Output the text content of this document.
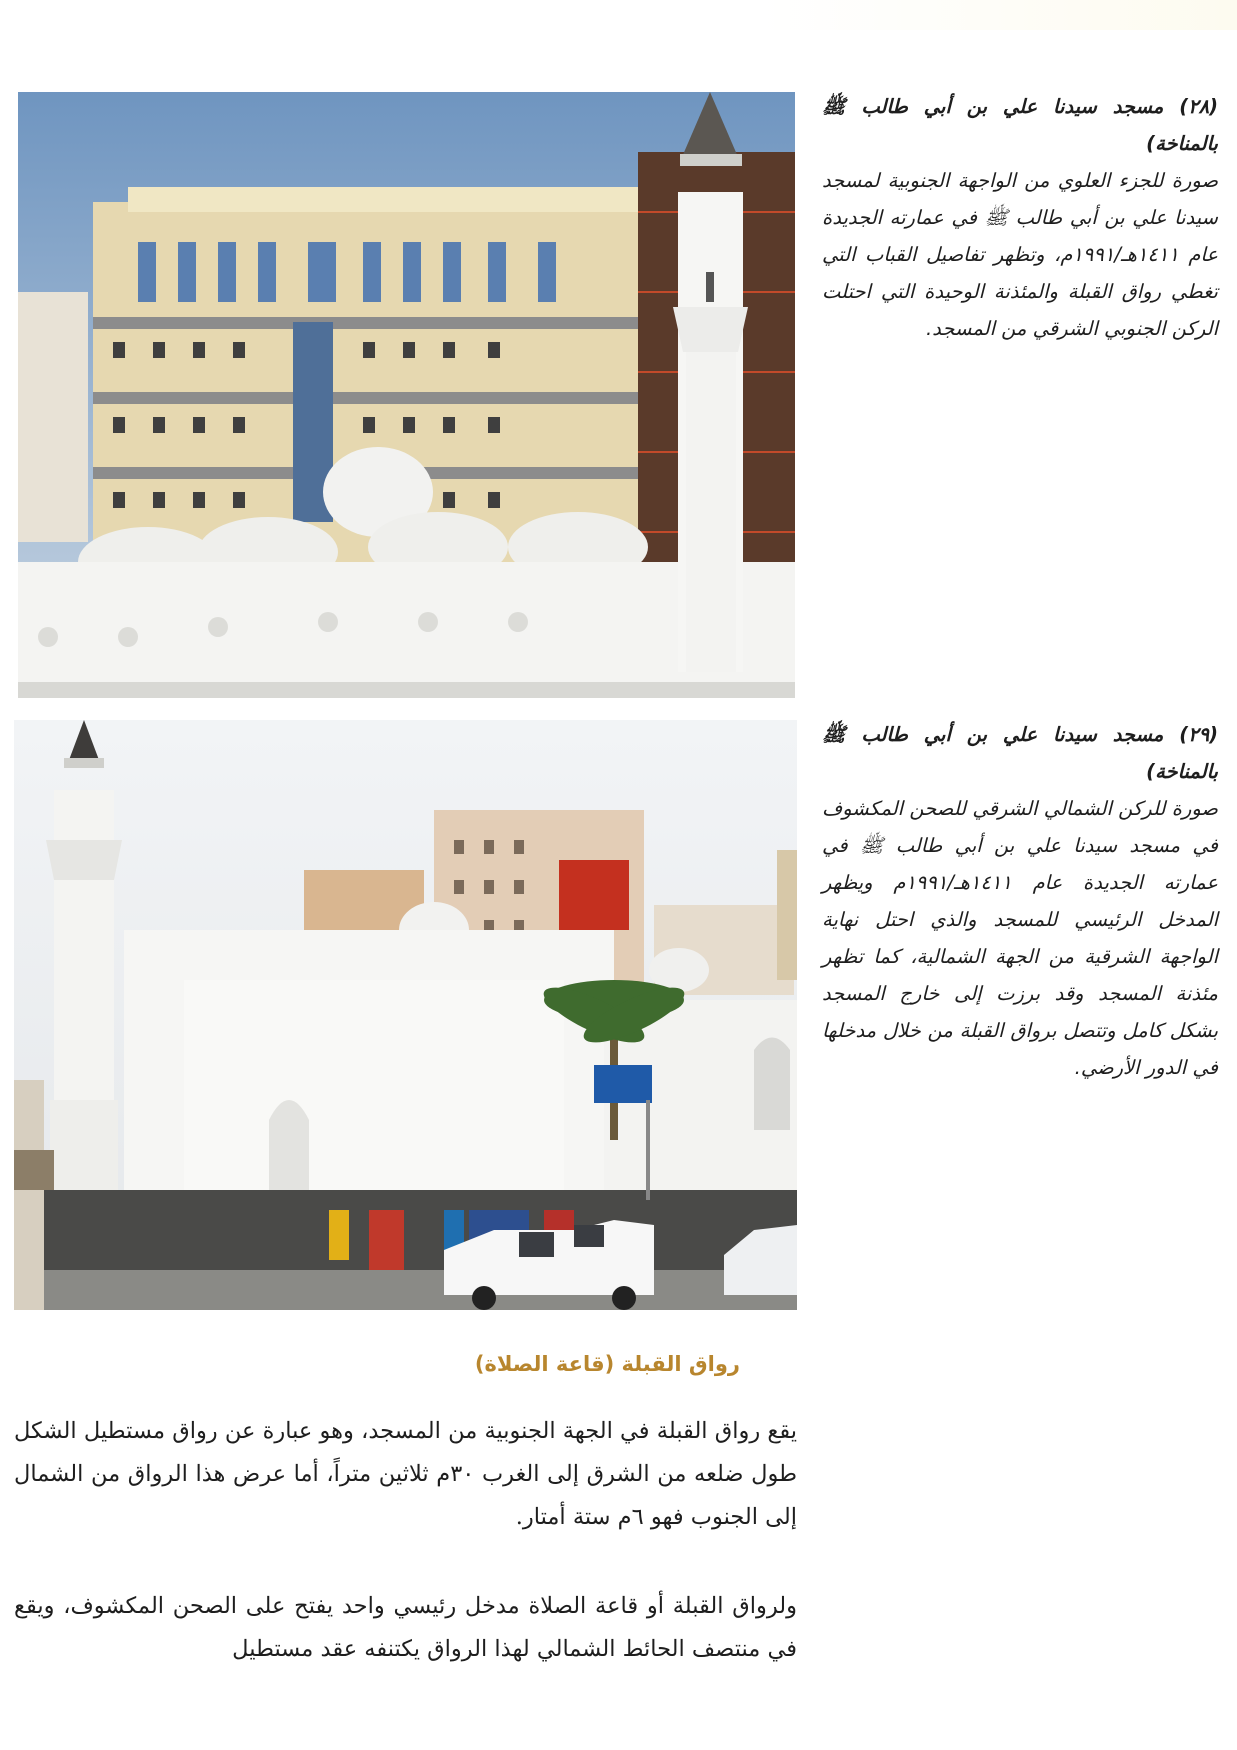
(٢٨) مسجد سيدنا علي بن أبي طالب ﷺ بالمناخة)
صورة للجزء العلوي من الواجهة الجنوبية لمسجد سيدنا علي بن أبي طالب ﷺ في عمارته الجديدة عام ١٤١١هـ/١٩٩١م، وتظهر تفاصيل القباب التي تغطي رواق القبلة والمئذنة الوحيدة التي احتلت الركن الجنوبي الشرقي من المسجد.
(٢٩) مسجد سيدنا علي بن أبي طالب ﷺ بالمناخة)
صورة للركن الشمالي الشرقي للصحن المكشوف في مسجد سيدنا علي بن أبي طالب ﷺ في عمارته الجديدة عام ١٤١١هـ/١٩٩١م ويظهر المدخل الرئيسي للمسجد والذي احتل نهاية الواجهة الشرقية من الجهة الشمالية، كما تظهر مئذنة المسجد وقد برزت إلى خارج المسجد بشكل كامل وتتصل برواق القبلة من خلال مدخلها في الدور الأرضي.
رواق القبلة (قاعة الصلاة)

يقع رواق القبلة في الجهة الجنوبية من المسجد، وهو عبارة عن رواق مستطيل الشكل طول ضلعه من الشرق إلى الغرب ٣٠م ثلاثين متراً، أما عرض هذا الرواق من الشمال إلى الجنوب فهو ٦م ستة أمتار.

ولرواق القبلة أو قاعة الصلاة مدخل رئيسي واحد يفتح على الصحن المكشوف، ويقع في منتصف الحائط الشمالي لهذا الرواق يكتنفه عقد مستطيل
